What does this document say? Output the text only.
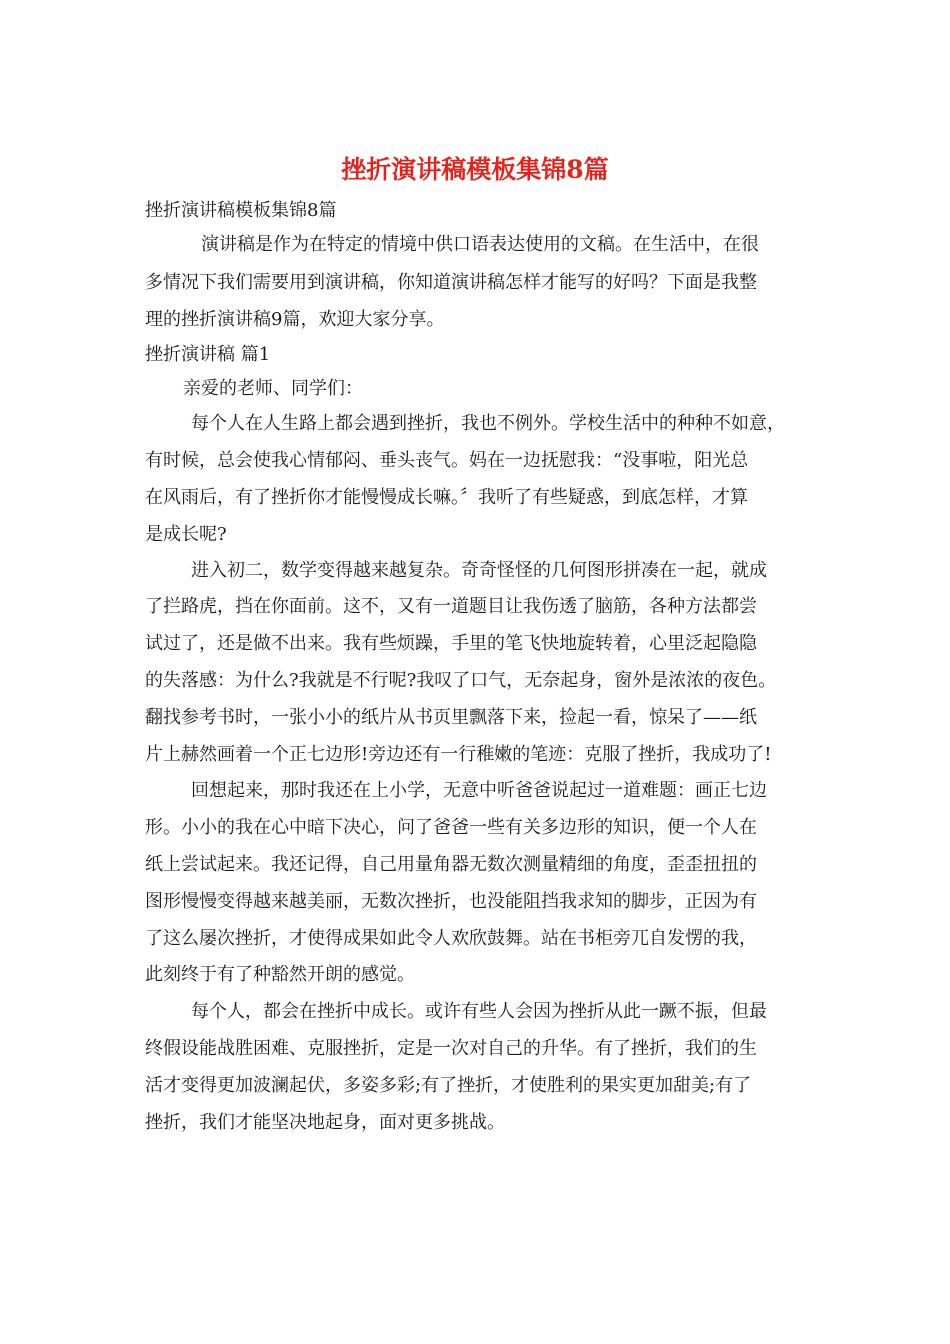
挫折演讲稿模板集锦8篇

挫折演讲稿模板集锦8篇

演讲稿是作为在特定的情境中供口语表达使用的文稿。在生活中，在很

多情况下我们需要用到演讲稿，你知道演讲稿怎样才能写的好吗？下面是我整

理的挫折演讲稿9篇，欢迎大家分享。

挫折演讲稿 篇1

亲爱的老师、同学们：

每个人在人生路上都会遇到挫折，我也不例外。学校生活中的种种不如意，

有时候，总会使我心情郁闷、垂头丧气。妈在一边抚慰我：“没事啦，阳光总

在风雨后，有了挫折你才能慢慢成长嘛。〞我听了有些疑惑，到底怎样，才算

是成长呢?

进入初二，数学变得越来越复杂。奇奇怪怪的几何图形拼凑在一起，就成

了拦路虎，挡在你面前。这不，又有一道题目让我伤透了脑筋，各种方法都尝

试过了，还是做不出来。我有些烦躁，手里的笔飞快地旋转着，心里泛起隐隐

的失落感：为什么?我就是不行呢?我叹了口气，无奈起身，窗外是浓浓的夜色。

翻找参考书时，一张小小的纸片从书页里飘落下来，捡起一看，惊呆了——纸

片上赫然画着一个正七边形!旁边还有一行稚嫩的笔迹：克服了挫折，我成功了!

回想起来，那时我还在上小学，无意中听爸爸说起过一道难题：画正七边

形。小小的我在心中暗下决心，问了爸爸一些有关多边形的知识，便一个人在

纸上尝试起来。我还记得，自己用量角器无数次测量精细的角度，歪歪扭扭的

图形慢慢变得越来越美丽，无数次挫折，也没能阻挡我求知的脚步，正因为有

了这么屡次挫折，才使得成果如此令人欢欣鼓舞。站在书柜旁兀自发愣的我，

此刻终于有了种豁然开朗的感觉。

每个人，都会在挫折中成长。或许有些人会因为挫折从此一蹶不振，但最

终假设能战胜困难、克服挫折，定是一次对自己的升华。有了挫折，我们的生

活才变得更加波澜起伏，多姿多彩;有了挫折，才使胜利的果实更加甜美;有了

挫折，我们才能坚决地起身，面对更多挑战。
